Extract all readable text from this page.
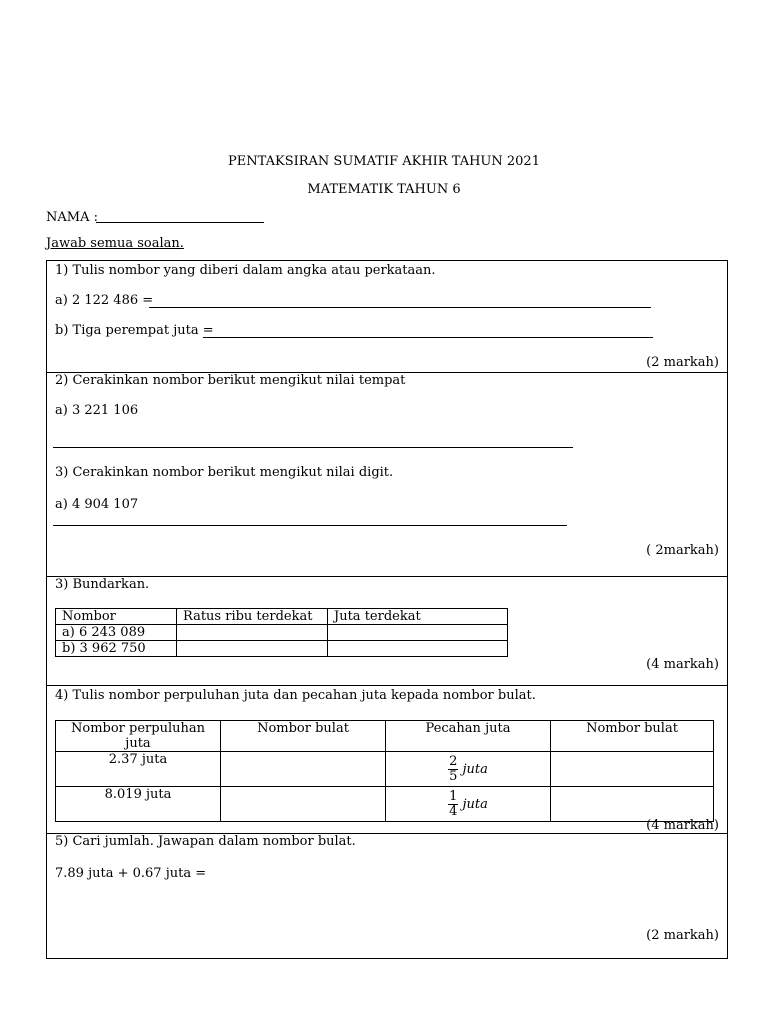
PENTAKSIRAN SUMATIF AKHIR TAHUN 2021
MATEMATIK TAHUN 6
NAMA :
Jawab semua soalan.
1) Tulis nombor yang diberi dalam angka atau perkataan.
a) 2 122 486 =
b) Tiga perempat juta =
(2 markah)
2) Cerakinkan nombor berikut mengikut nilai tempat
a) 3 221 106
3) Cerakinkan nombor berikut mengikut nilai digit.
a) 4 904 107
( 2markah)
3) Bundarkan.
Nombor	Ratus ribu terdekat	Juta terdekat
a) 6 243 089		
b) 3 962 750		
(4 markah)
4) Tulis nombor perpuluhan juta dan pecahan juta kepada nombor bulat.
Nombor perpuluhan juta	Nombor bulat	Pecahan juta	Nombor bulat
2.37 juta		$\frac{2}{5}$ juta	
8.019 juta		$\frac{1}{4}$ juta	
(4 markah)
5) Cari jumlah. Jawapan dalam nombor bulat.
7.89 juta + 0.67 juta =
(2 markah)
